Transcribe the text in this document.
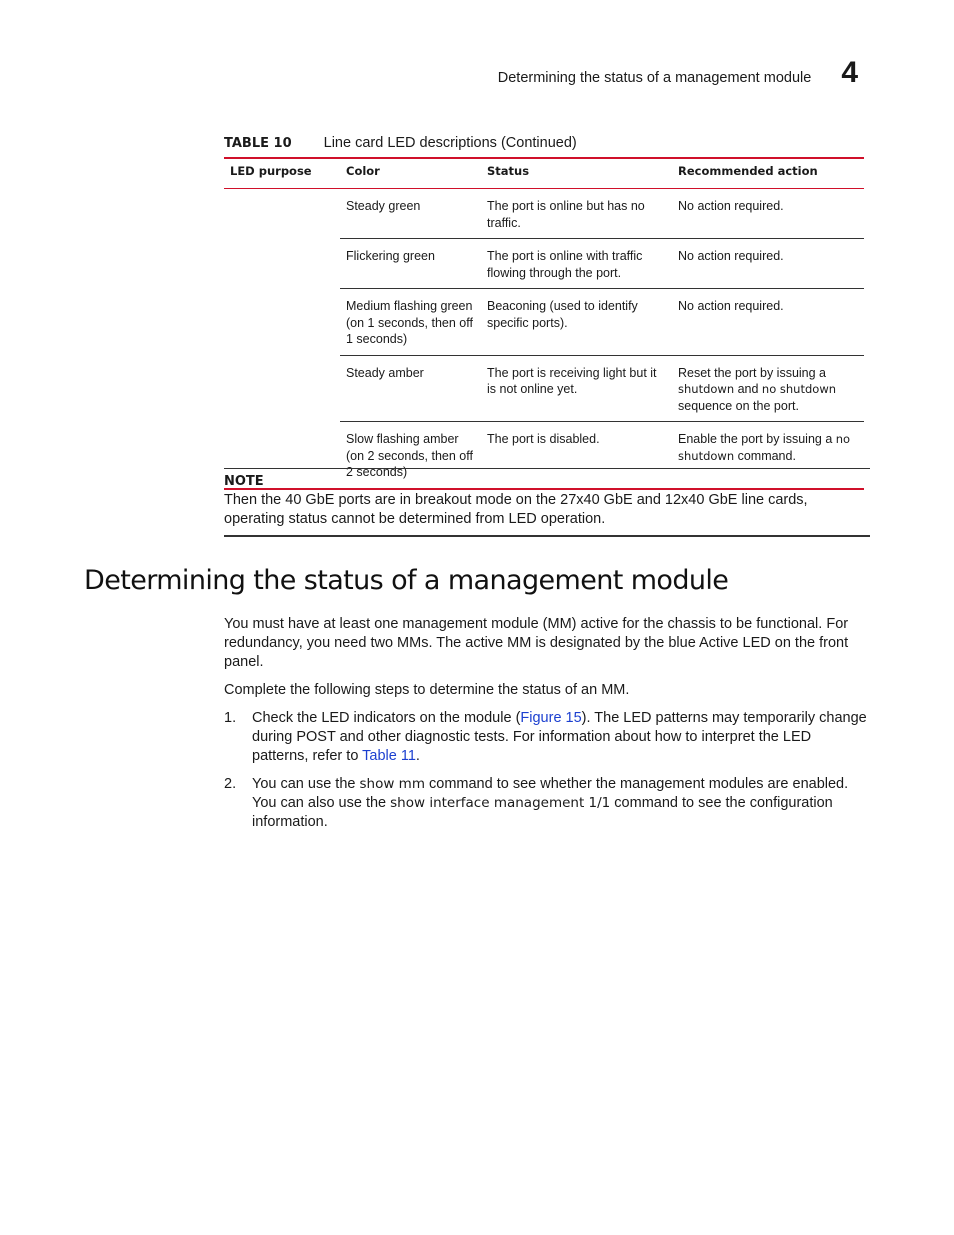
Determining the status of a management module 4
TABLE 10 Line card LED descriptions (Continued)
LED purpose	Color	Status	Recommended action
	Steady green	The port is online but has no traffic.	No action required.
	Flickering green	The port is online with traffic flowing through the port.	No action required.
	Medium flashing green (on 1 seconds, then off 1 seconds)	Beaconing (used to identify specific ports).	No action required.
	Steady amber	The port is receiving light but it is not online yet.	Reset the port by issuing a shutdown and no shutdown sequence on the port.
	Slow flashing amber (on 2 seconds, then off 2 seconds)	The port is disabled.	Enable the port by issuing a no shutdown command.
NOTE
Then the 40 GbE ports are in breakout mode on the 27x40 GbE and 12x40 GbE line cards, operating status cannot be determined from LED operation.
Determining the status of a management module

You must have at least one management module (MM) active for the chassis to be functional. For redundancy, you need two MMs. The active MM is designated by the blue Active LED on the front panel.

Complete the following steps to determine the status of an MM.

1.	Check the LED indicators on the module (Figure 15). The LED patterns may temporarily change during POST and other diagnostic tests. For information about how to interpret the LED patterns, refer to Table 11.
2.	You can use the show mm command to see whether the management modules are enabled. You can also use the show interface management 1/1 command to see the configuration information.
